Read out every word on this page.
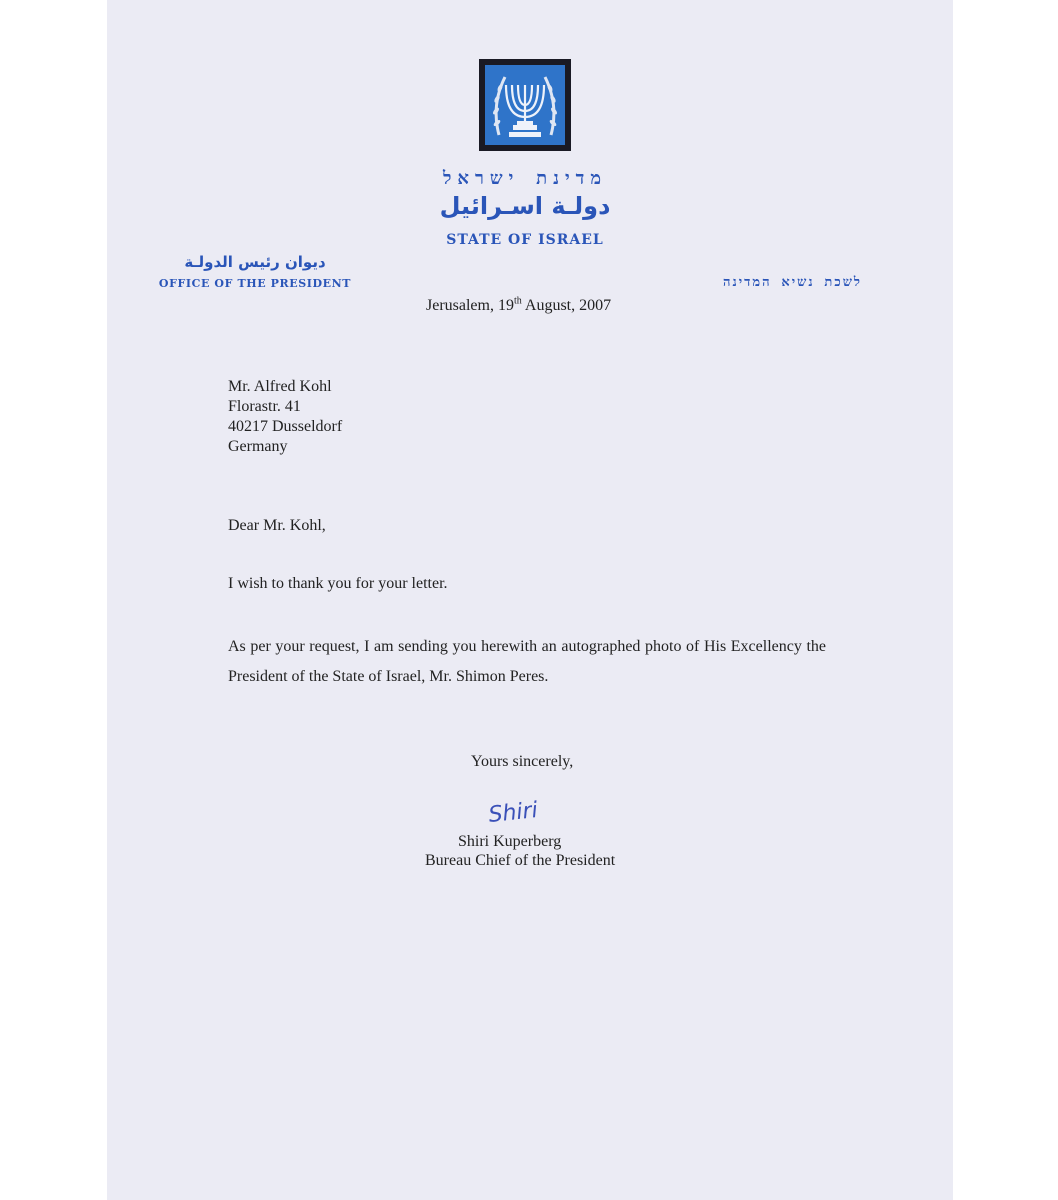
מדינת ישראל
دولـة اسـرائيل
STATE OF ISRAEL
ديوان رئيس الدولـة
OFFICE OF THE PRESIDENT	לשכת נשיא המדינה
Jerusalem, 19th August, 2007
Mr. Alfred Kohl
Florastr. 41
40217 Dusseldorf
Germany
Dear Mr. Kohl,
I wish to thank you for your letter.
As per your request, I am sending you herewith an autographed photo of His Excellency the President of the State of Israel, Mr. Shimon Peres.
Yours sincerely,
Shiri
Shiri Kuperberg
Bureau Chief of the President
